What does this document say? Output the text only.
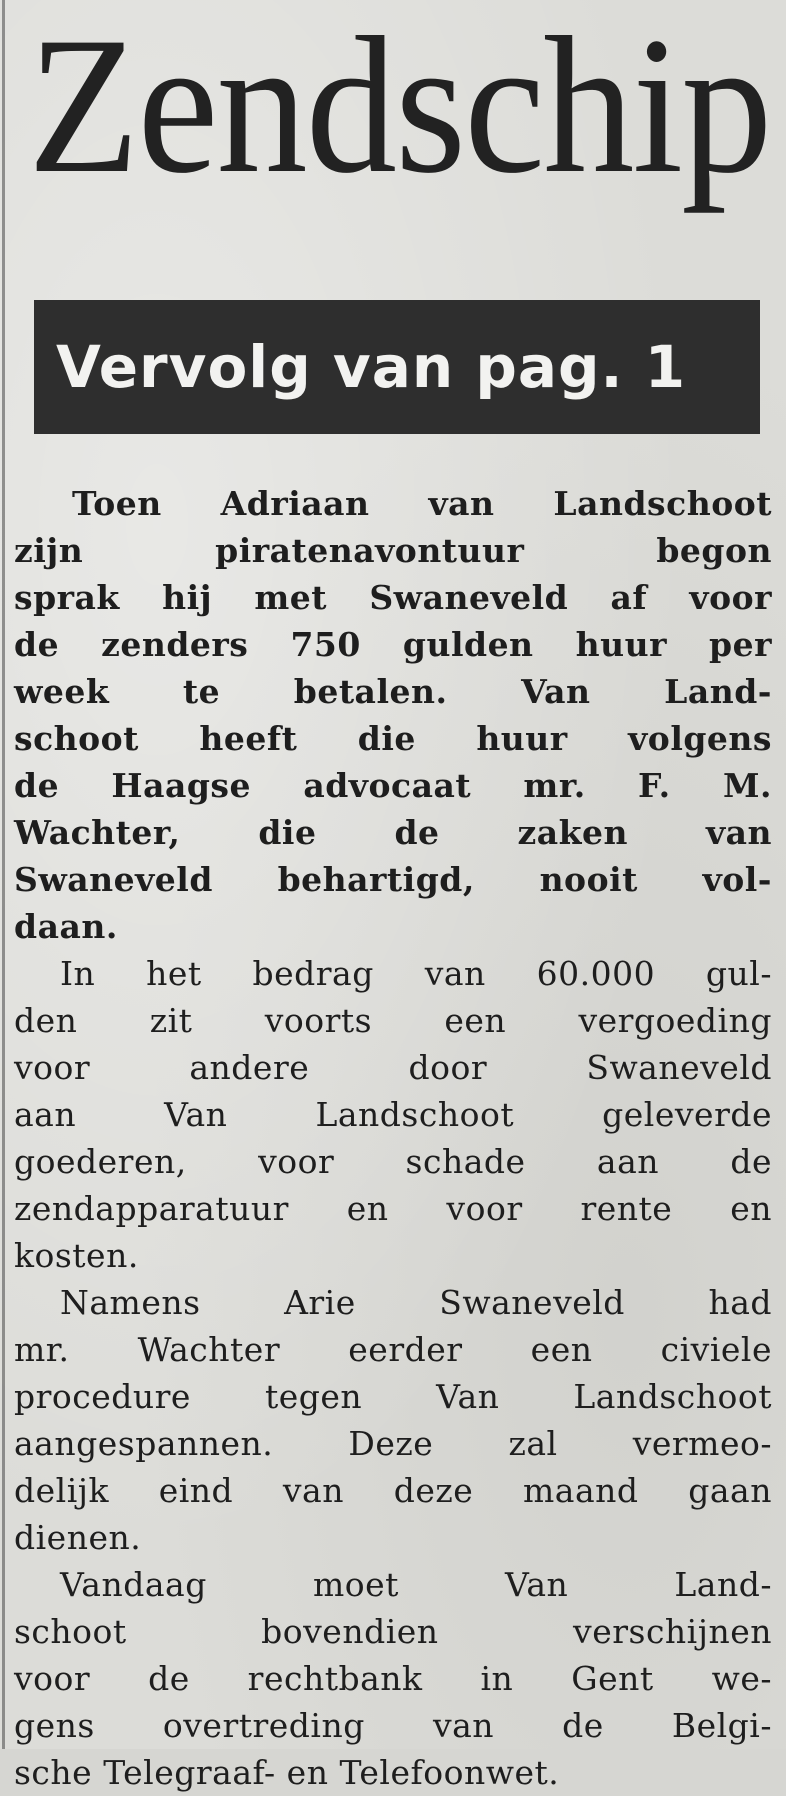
Zendschip
Vervolg van pag. 1
Toen Adriaan van Landschoot
zijn piratenavontuur begon
sprak hij met Swaneveld af voor
de zenders 750 gulden huur per
week te betalen. Van Land-
schoot heeft die huur volgens
de Haagse advocaat mr. F. M.
Wachter, die de zaken van
Swaneveld behartigd, nooit vol-
daan.
In het bedrag van 60.000 gul-
den zit voorts een vergoeding
voor andere door Swaneveld
aan Van Landschoot geleverde
goederen, voor schade aan de
zendapparatuur en voor rente en
kosten.
Namens Arie Swaneveld had
mr. Wachter eerder een civiele
procedure tegen Van Landschoot
aangespannen. Deze zal vermeo-
delijk eind van deze maand gaan
dienen.
Vandaag moet Van Land-
schoot bovendien verschijnen
voor de rechtbank in Gent we-
gens overtreding van de Belgi-
sche Telegraaf- en Telefoonwet.
